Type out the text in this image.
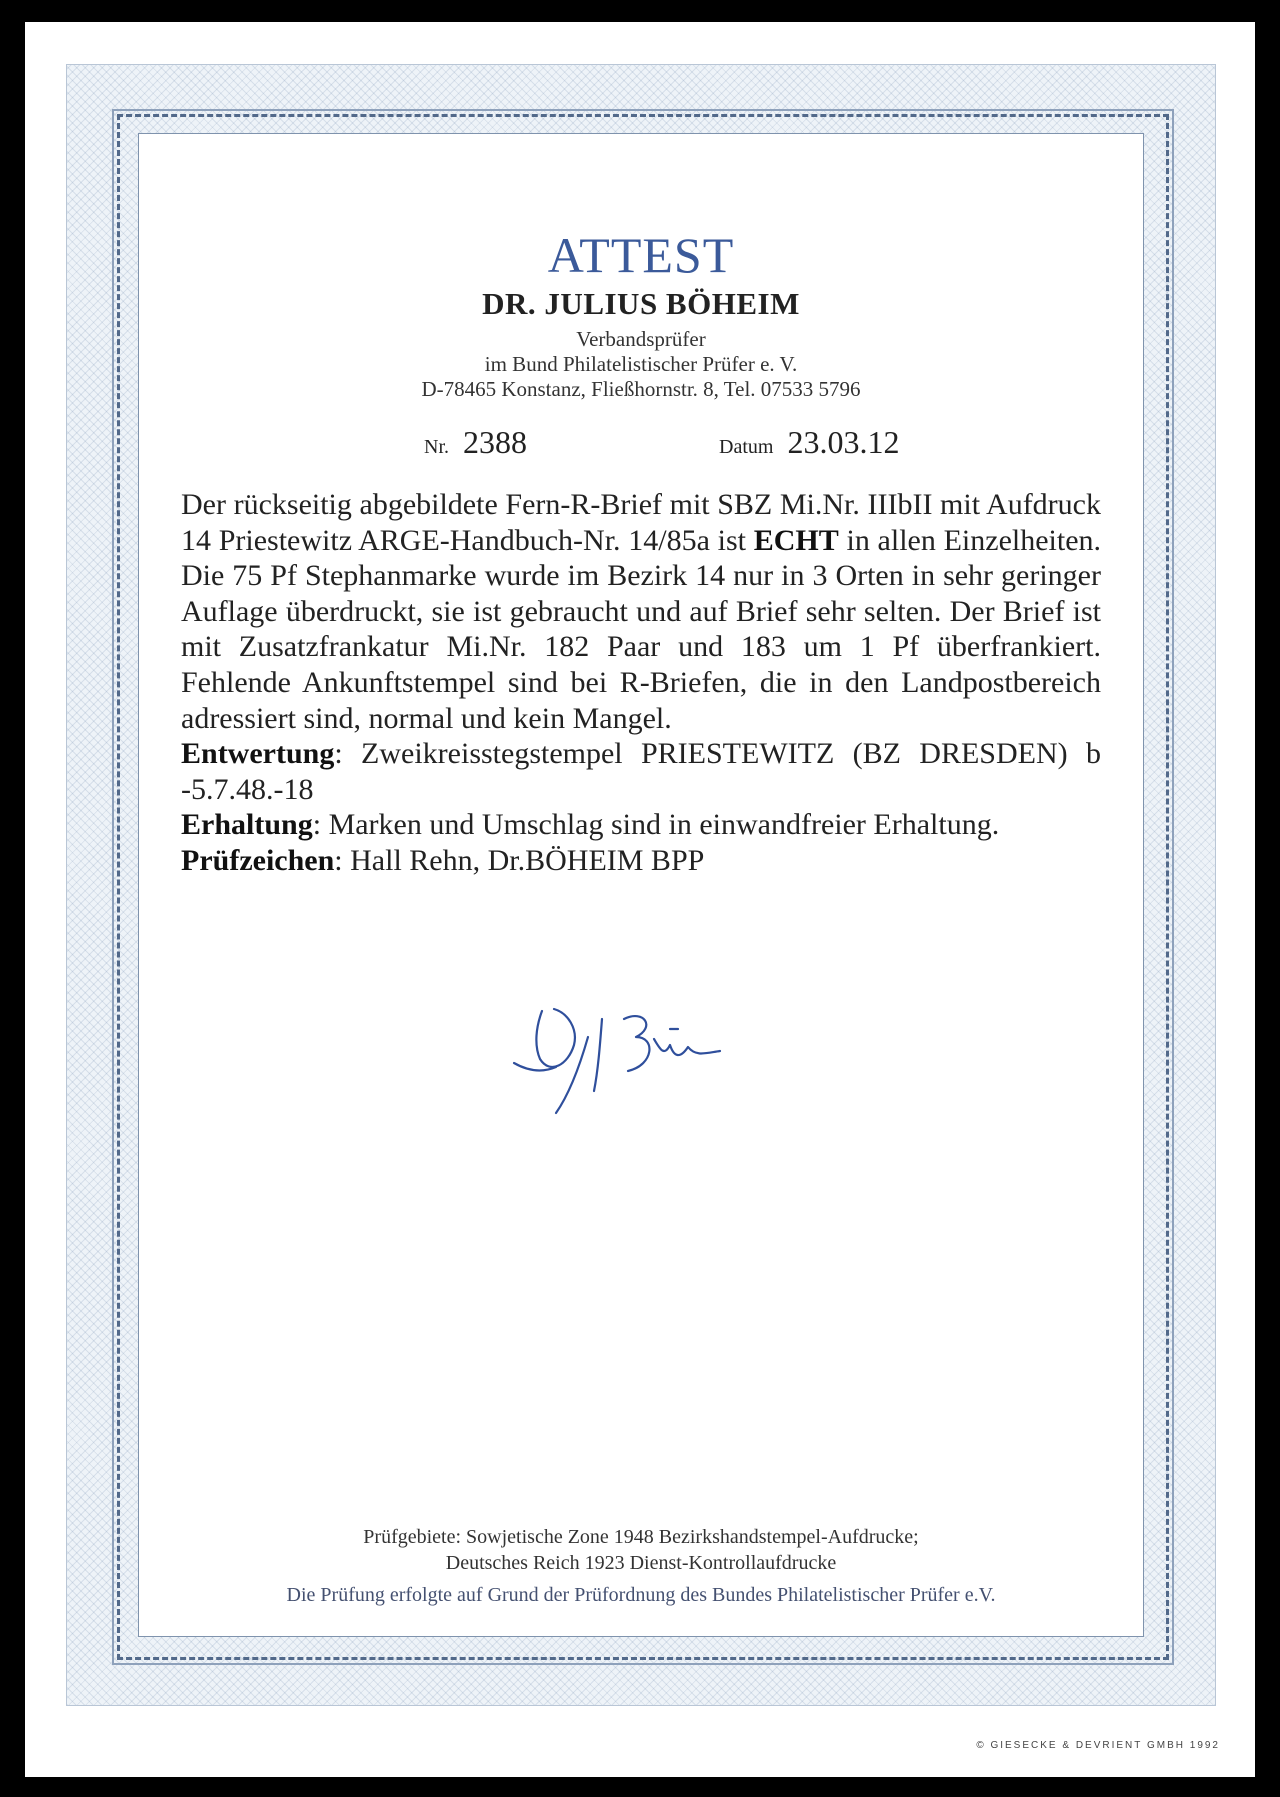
ATTEST
DR. JULIUS BÖHEIM
Verbandsprüfer
im Bund Philatelistischer Prüfer e. V.
D-78465 Konstanz, Fließhornstr. 8, Tel. 07533 5796
Nr. 2388	Datum 23.03.12
Der rückseitig abgebildete Fern-R-Brief mit SBZ Mi.Nr. IIIbII mit Aufdruck 14 Priestewitz ARGE-Handbuch-Nr. 14/85a ist ECHT in allen Einzelheiten. Die 75 Pf Stephanmarke wurde im Bezirk 14 nur in 3 Orten in sehr geringer Auflage überdruckt, sie ist gebraucht und auf Brief sehr selten. Der Brief ist mit Zusatzfrankatur Mi.Nr. 182 Paar und 183 um 1 Pf überfrankiert. Fehlende Ankunftstempel sind bei R-Briefen, die in den Landpostbereich adressiert sind, normal und kein Mangel.
Entwertung: Zweikreisstegstempel PRIESTEWITZ (BZ DRESDEN) b -5.7.48.-18
Erhaltung: Marken und Umschlag sind in einwandfreier Erhaltung.
Prüfzeichen: Hall Rehn, Dr.BÖHEIM BPP
Prüfgebiete: Sowjetische Zone 1948 Bezirkshandstempel-Aufdrucke;
Deutsches Reich 1923 Dienst-Kontrollaufdrucke
Die Prüfung erfolgte auf Grund der Prüfordnung des Bundes Philatelistischer Prüfer e.V.
© GIESECKE & DEVRIENT GMBH 1992
